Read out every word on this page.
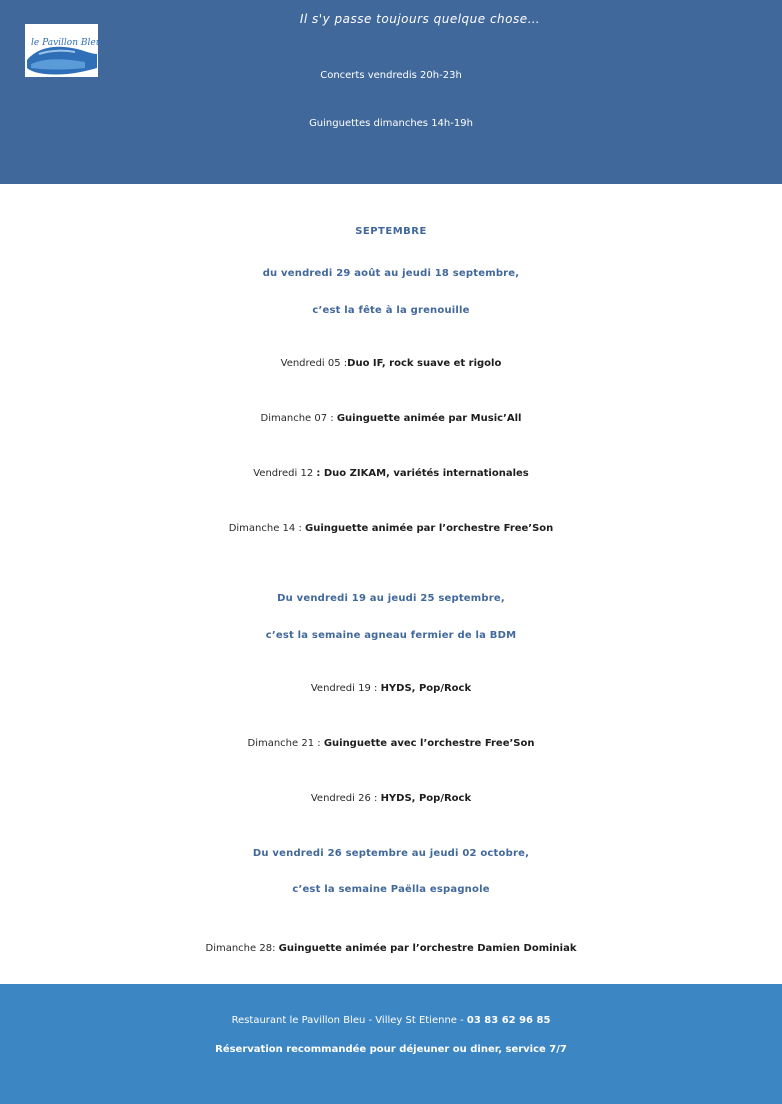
le Pavillon Bleu
Il s'y passe toujours quelque chose…
Concerts vendredis 20h-23h
Guinguettes dimanches 14h-19h
SEPTEMBRE
du vendredi 29 août au jeudi 18 septembre,
c’est la fête à la grenouille
Vendredi 05 :Duo IF, rock suave et rigolo
Dimanche 07 : Guinguette animée par Music’All
Vendredi 12 : Duo ZIKAM, variétés internationales
Dimanche 14 : Guinguette animée par l’orchestre Free’Son
Du vendredi 19 au jeudi 25 septembre,
c’est la semaine agneau fermier de la BDM
Vendredi 19 : HYDS, Pop/Rock
Dimanche 21 : Guinguette avec l’orchestre Free’Son
Vendredi 26 : HYDS, Pop/Rock
Du vendredi 26 septembre au jeudi 02 octobre,
c’est la semaine Paëlla espagnole
Dimanche 28: Guinguette animée par l’orchestre Damien Dominiak
Restaurant le Pavillon Bleu - Villey St Etienne - 03 83 62 96 85
Réservation recommandée pour déjeuner ou diner, service 7/7
